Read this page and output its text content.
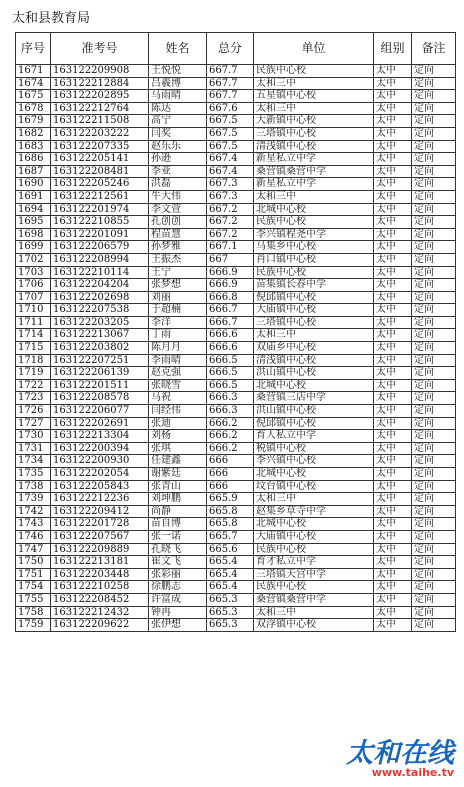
太和县教育局
序号	准考号	姓名	总分	单位	组别	备注
1671	163122209908	王悦悦	667.7	民族中心校	太中	定向
1674	163122212884	吕羲博	667.7	太和三中	太中	定向
1675	163122202895	马雨晴	667.7	五星镇中心校	太中	定向
1678	163122212764	陈达	667.6	太和三中	太中	定向
1679	163122211508	高宁	667.5	大新镇中心校	太中	定向
1682	163122203222	闫奖	667.5	三塔镇中心校	太中	定向
1683	163122207335	赵乐乐	667.5	清浅镇中心校	太中	定向
1686	163122205141	孙逊	667.4	新星私立中学	太中	定向
1687	163122208481	李亚	667.4	桑营镇桑营中学	太中	定向
1690	163122205246	洪磊	667.3	新星私立中学	太中	定向
1691	163122212561	牛大伟	667.3	太和三中	太中	定向
1694	163122201974	李文萱	667.2	北城中心校	太中	定向
1695	163122210855	孔创创	667.2	民族中心校	太中	定向
1698	163122201091	程苗慧	667.2	李兴镇程尧中学	太中	定向
1699	163122206579	孙梦雅	667.1	马集乡中心校	太中	定向
1702	163122208994	王振杰	667	肖口镇中心校	太中	定向
1703	163122210114	王宁	666.9	民族中心校	太中	定向
1706	163122204204	张梦想	666.9	苗集镇长春中学	太中	定向
1707	163122202698	刘丽	666.8	倪邱镇中心校	太中	定向
1710	163122207538	于超楠	666.7	大庙镇中心校	太中	定向
1711	163122203205	李洋	666.7	三塔镇中心校	太中	定向
1714	163122213067	丁雨	666.6	太和三中	太中	定向
1715	163122203802	陈月月	666.6	双庙乡中心校	太中	定向
1718	163122207251	李雨晴	666.5	清浅镇中心校	太中	定向
1719	163122206139	赵克强	666.5	洪山镇中心校	太中	定向
1722	163122201511	张晓雪	666.5	北城中心校	太中	定向
1723	163122208578	马祝	666.3	桑营镇三店中学	太中	定向
1726	163122206077	闫经伟	666.3	洪山镇中心校	太中	定向
1727	163122202691	张迪	666.2	倪邱镇中心校	太中	定向
1730	163122213304	刘杨	666.2	育人私立中学	太中	定向
1731	163122200394	张琪	666.2	税镇中心校	太中	定向
1734	163122200930	任建鑫	666	李兴镇中心校	太中	定向
1735	163122202054	谢紫廷	666	北城中心校	太中	定向
1738	163122205843	张青山	666	坟台镇中心校	太中	定向
1739	163122212236	刘坤鹏	665.9	太和三中	太中	定向
1742	163122209412	尚静	665.8	赵集乡草寺中学	太中	定向
1743	163122201728	苗自博	665.8	北城中心校	太中	定向
1746	163122207567	张一诺	665.7	大庙镇中心校	太中	定向
1747	163122209889	孔晓飞	665.6	民族中心校	太中	定向
1750	163122213181	崔文飞	665.4	育才私立中学	太中	定向
1751	163122203448	张彩丽	665.4	三塔镇天宫中学	太中	定向
1754	163122210258	徐鹏志	665.4	民族中心校	太中	定向
1755	163122208452	许富成	665.3	桑营镇桑营中学	太中	定向
1758	163122212432	钟冉	665.3	太和三中	太中	定向
1759	163122209622	张伊想	665.3	双浮镇中心校	太中	定向
太和在线
www.taihe.tv
